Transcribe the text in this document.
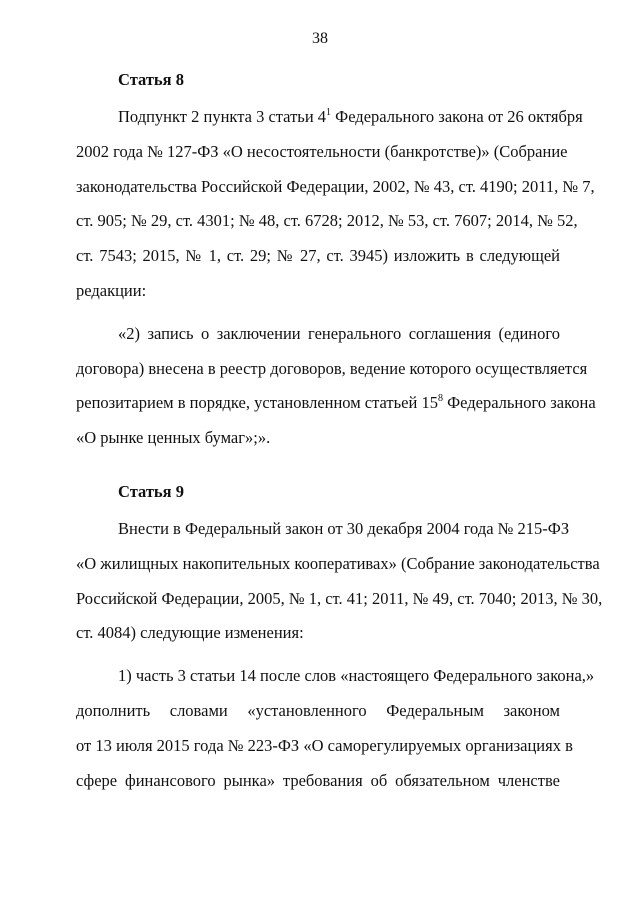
38

Статья 8

Подпункт 2 пункта 3 статьи $4^1$ Федерального закона от 26 октября
2002 года № 127-ФЗ «О несостоятельности (банкротстве)» (Собрание
законодательства Российской Федерации, 2002, № 43, ст. 4190; 2011, № 7,
ст. 905; № 29, ст. 4301; № 48, ст. 6728; 2012, № 53, ст. 7607; 2014, № 52,
ст. 7543; 2015, № 1, ст. 29; № 27, ст. 3945) изложить в следующей
редакции:
«2) запись о заключении генерального соглашения (единого
договора) внесена в реестр договоров, ведение которого осуществляется
репозитарием в порядке, установленном статьей $15^8$ Федерального закона
«О рынке ценных бумаг»;».

Статья 9

Внести в Федеральный закон от 30 декабря 2004 года № 215-ФЗ
«О жилищных накопительных кооперативах» (Собрание законодательства
Российской Федерации, 2005, № 1, ст. 41; 2011, № 49, ст. 7040; 2013, № 30,
ст. 4084) следующие изменения:
1) часть 3 статьи 14 после слов «настоящего Федерального закона,»
дополнить словами «установленного Федеральным законом
от 13 июля 2015 года № 223-ФЗ «О саморегулируемых организациях в
сфере финансового рынка» требования об обязательном членстве
